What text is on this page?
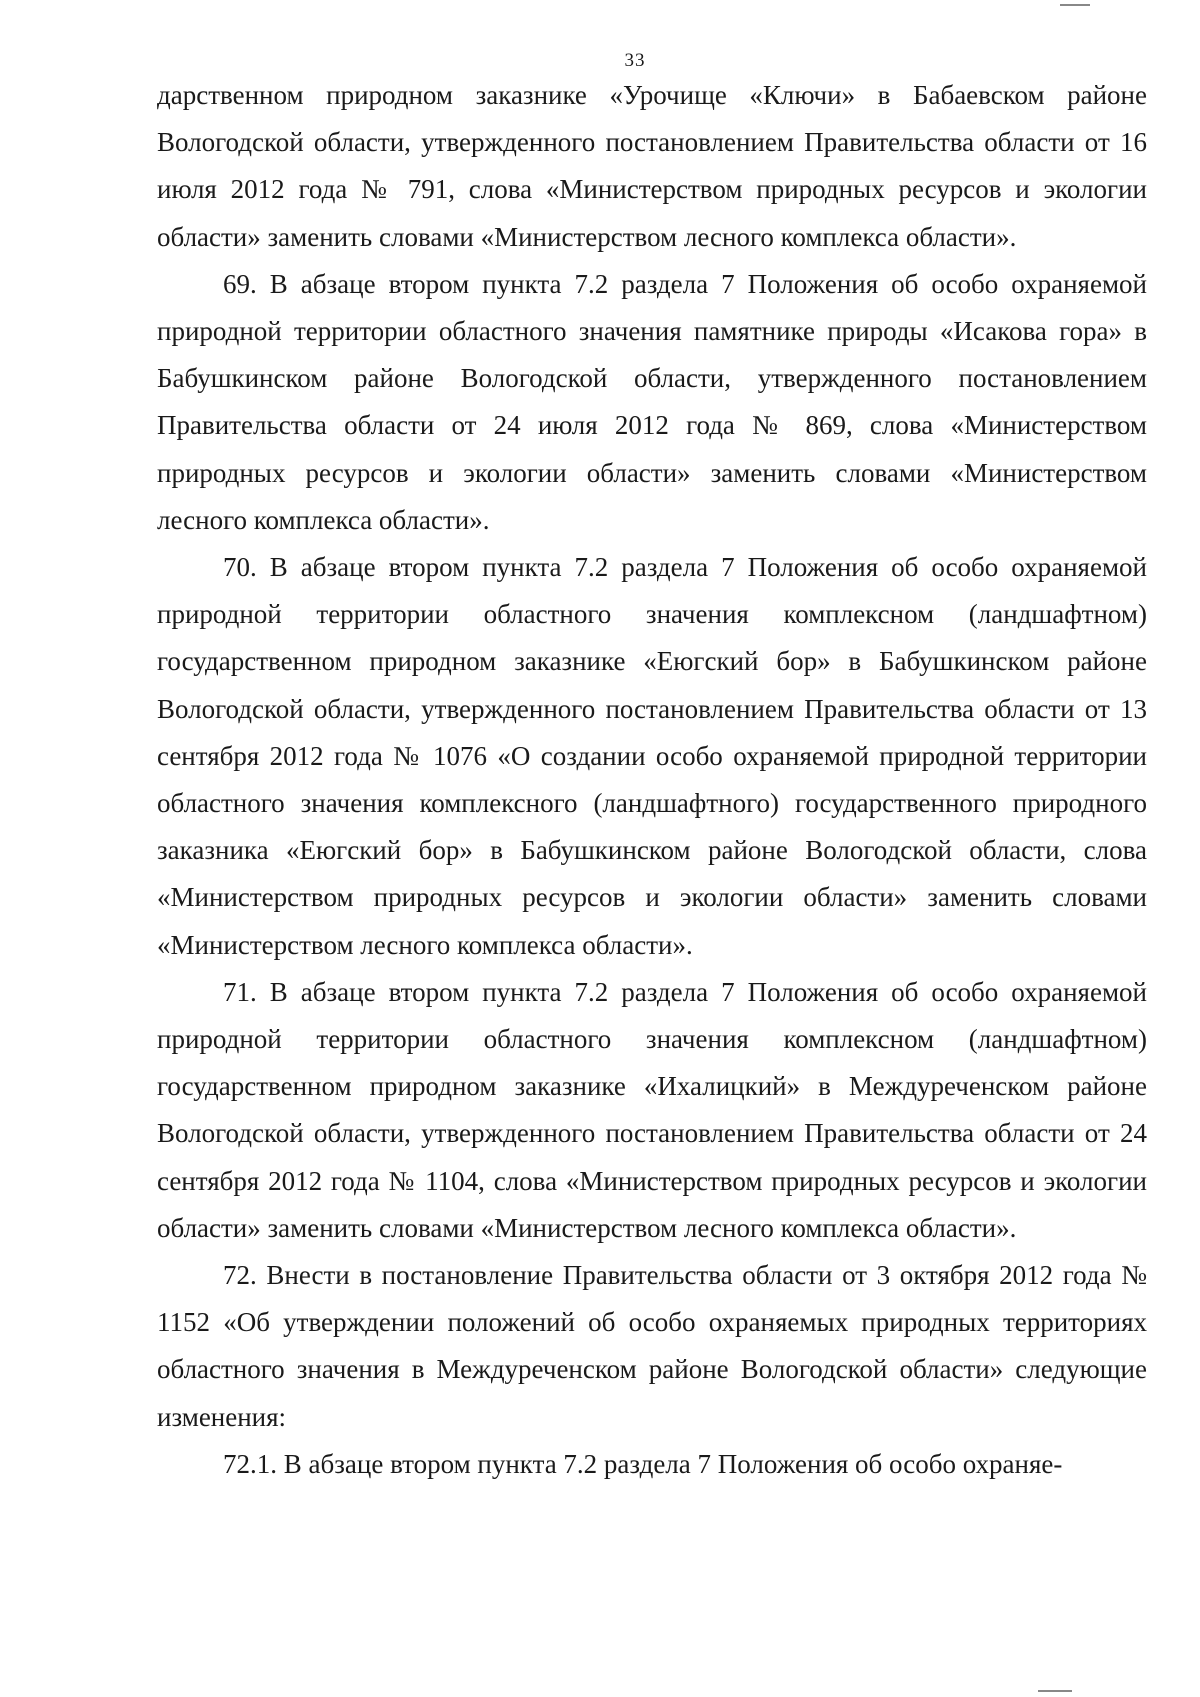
33

дарственном природном заказнике «Урочище «Ключи» в Бабаевском районе Вологодской области, утвержденного постановлением Правительства области от 16 июля 2012 года № 791, слова «Министерством природных ресурсов и экологии области» заменить словами «Министерством лесного комплекса области».

69. В абзаце втором пункта 7.2 раздела 7 Положения об особо охраняемой природной территории областного значения памятнике природы «Исакова гора» в Бабушкинском районе Вологодской области, утвержденного постановлением Правительства области от 24 июля 2012 года № 869, слова «Министерством природных ресурсов и экологии области» заменить словами «Министерством лесного комплекса области».

70. В абзаце втором пункта 7.2 раздела 7 Положения об особо охраняемой природной территории областного значения комплексном (ландшафтном) государственном природном заказнике «Еюгский бор» в Бабушкинском районе Вологодской области, утвержденного постановлением Правительства области от 13 сентября 2012 года № 1076 «О создании особо охраняемой природной территории областного значения комплексного (ландшафтного) государственного природного заказника «Еюгский бор» в Бабушкинском районе Вологодской области, слова «Министерством природных ресурсов и экологии области» заменить словами «Министерством лесного комплекса области».

71. В абзаце втором пункта 7.2 раздела 7 Положения об особо охраняемой природной территории областного значения комплексном (ландшафтном) государственном природном заказнике «Ихалицкий» в Междуреченском районе Вологодской области, утвержденного постановлением Правительства области от 24 сентября 2012 года № 1104, слова «Министерством природных ресурсов и экологии области» заменить словами «Министерством лесного комплекса области».

72. Внести в постановление Правительства области от 3 октября 2012 года № 1152 «Об утверждении положений об особо охраняемых природных территориях областного значения в Междуреченском районе Вологодской области» следующие изменения:

72.1. В абзаце втором пункта 7.2 раздела 7 Положения об особо охраняе-
